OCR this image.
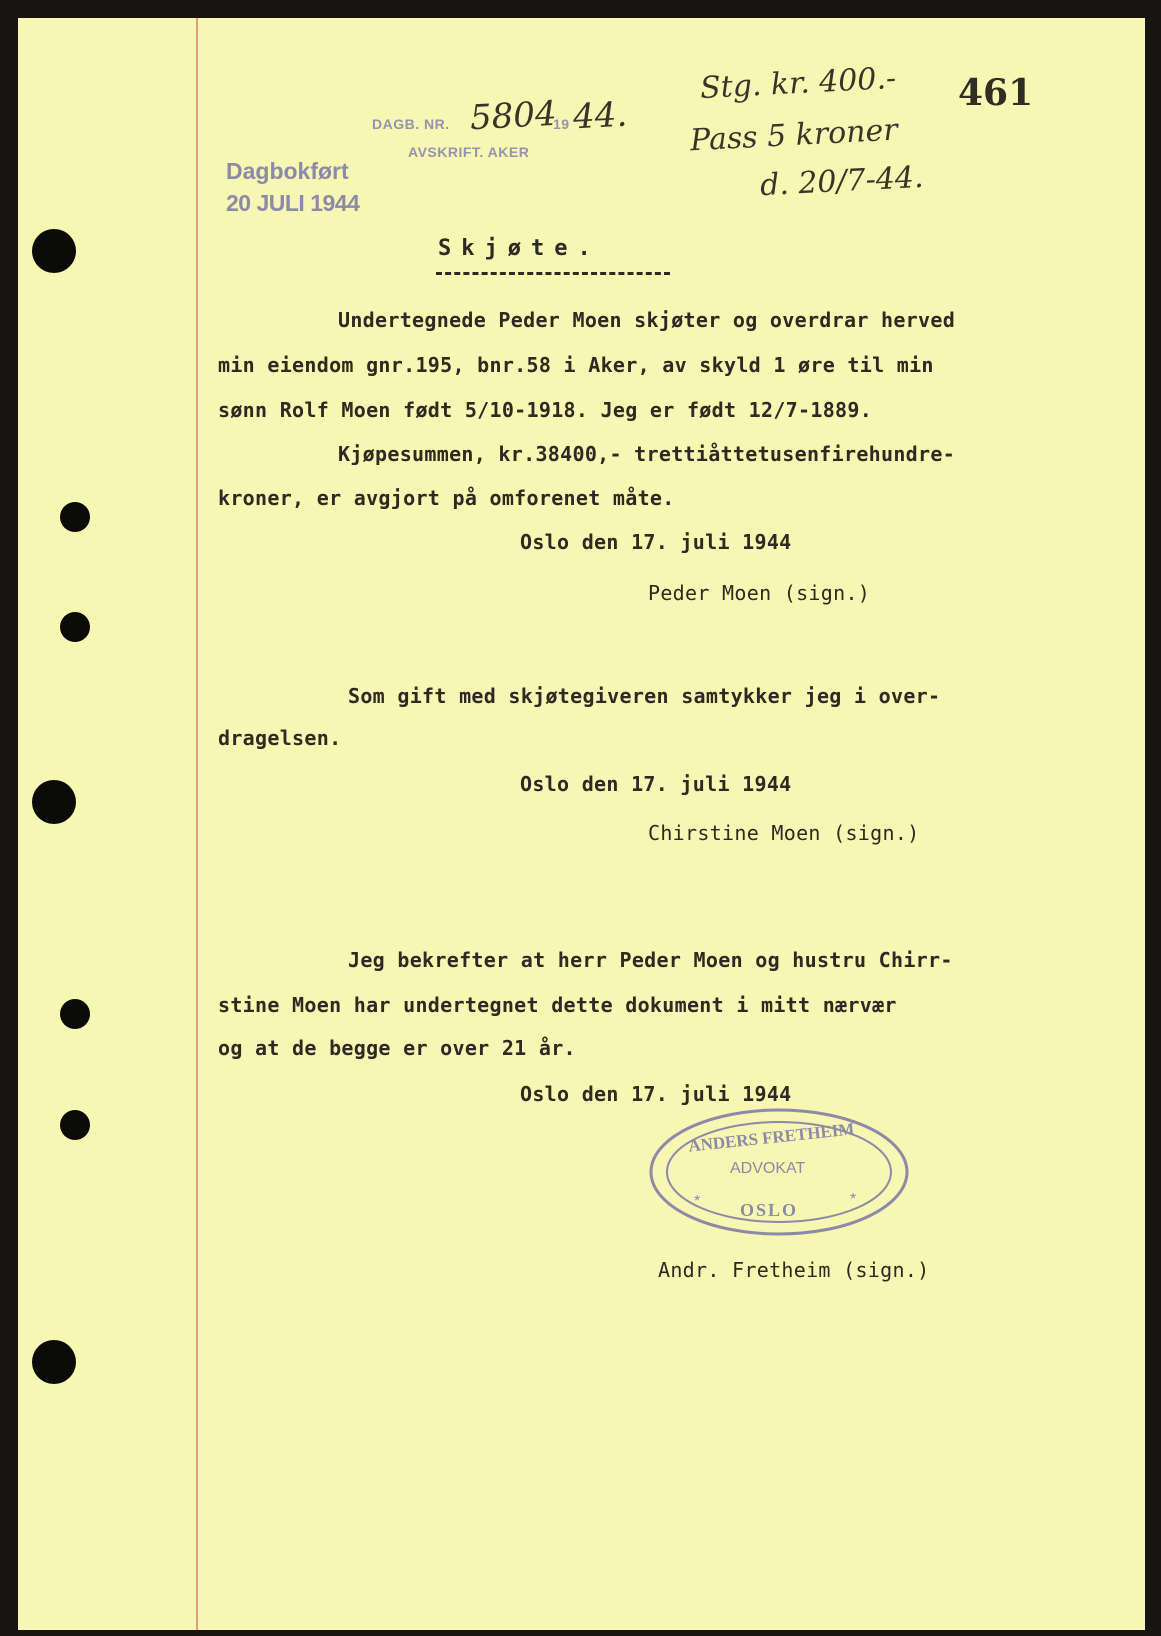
DAGB. NR. 5804
19 44.
AVSKRIFT. AKER
Dagbokført
20 JULI 1944
Stg. kr. 400.-
Pass 5 kroner
d. 20/7-44.
461
Skjøte.
Undertegnede Peder Moen skjøter og overdrar herved
min eiendom gnr.195, bnr.58 i Aker, av skyld 1 øre til min
sønn Rolf Moen født 5/10-1918. Jeg er født 12/7-1889.
Kjøpesummen, kr.38400,- trettiåttetusenfirehundre-
kroner, er avgjort på omforenet måte.
Oslo den 17. juli 1944
Peder Moen (sign.)
Som gift med skjøtegiveren samtykker jeg i over-
dragelsen.
Oslo den 17. juli 1944
Chirstine Moen (sign.)
Jeg bekrefter at herr Peder Moen og hustru Chirr-
stine Moen har undertegnet dette dokument i mitt nærvær
og at de begge er over 21 år.
Oslo den 17. juli 1944
*	*
ANDERS FRETHEIM
ADVOKAT
OSLO
Andr. Fretheim (sign.)
